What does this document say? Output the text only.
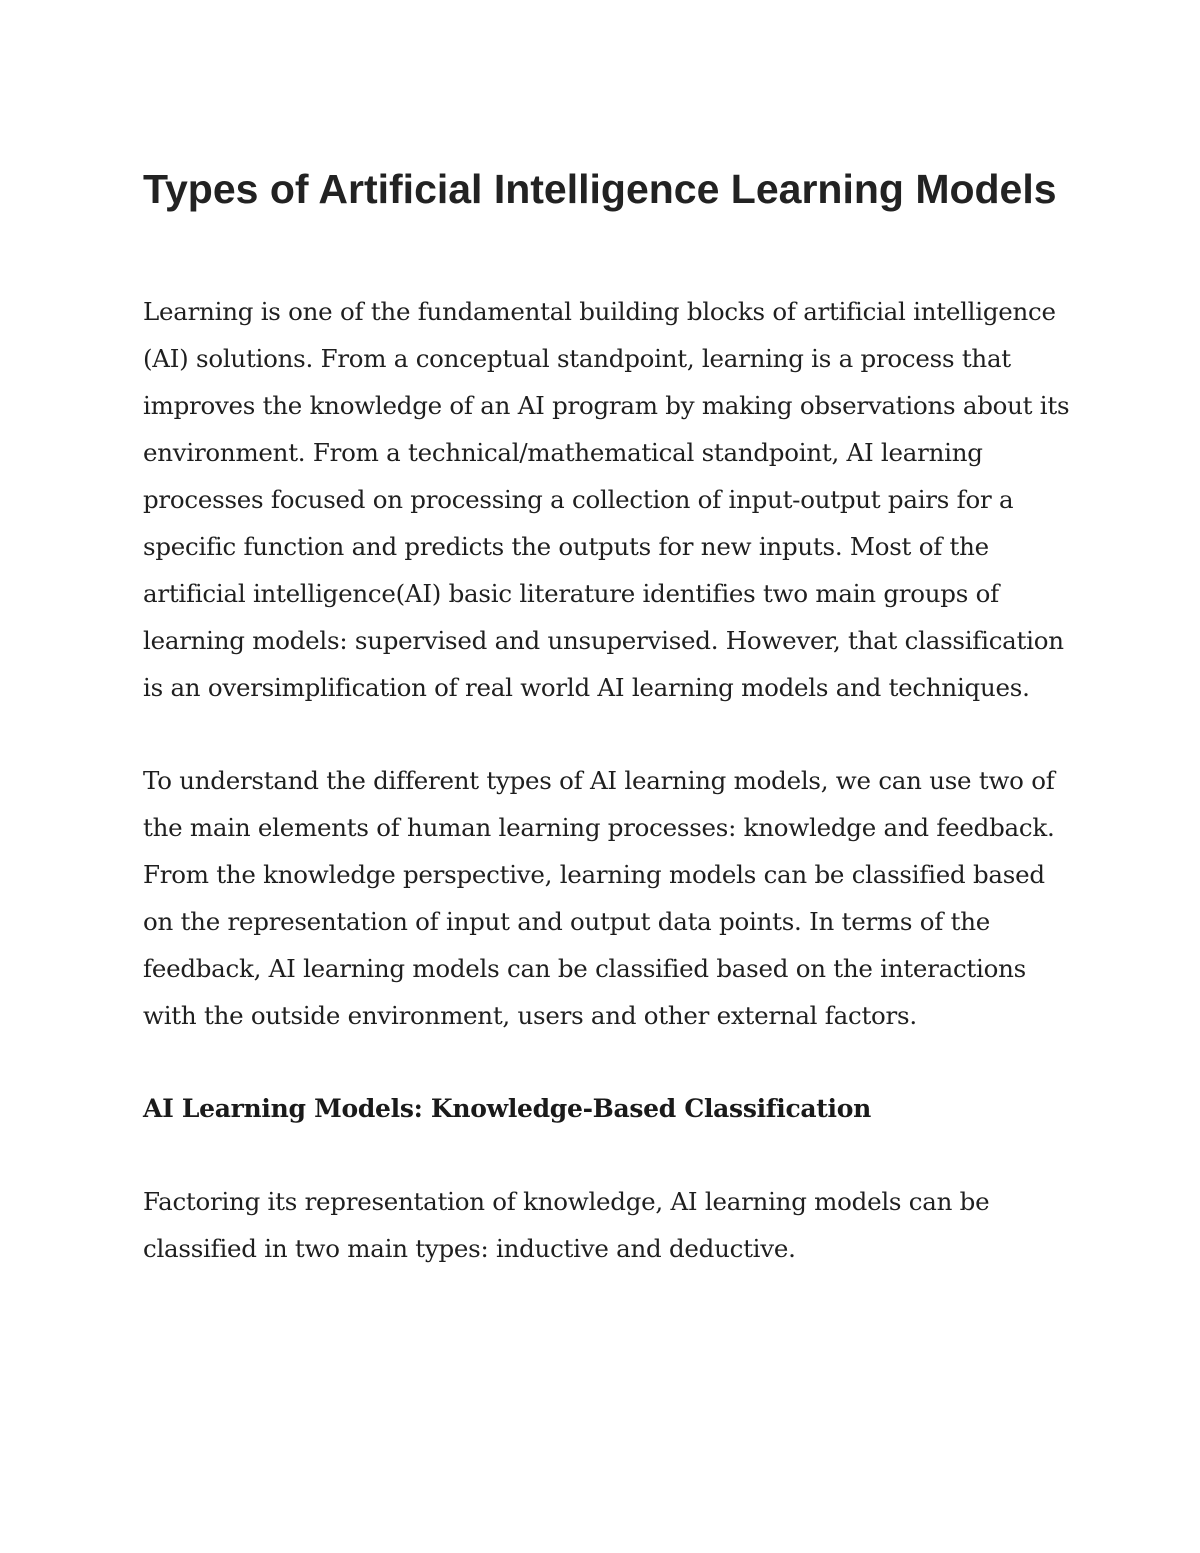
Types of Artificial Intelligence Learning Models

Learning is one of the fundamental building blocks of artificial intelligence (AI) solutions. From a conceptual standpoint, learning is a process that improves the knowledge of an AI program by making observations about its environment. From a technical/mathematical standpoint, AI learning processes focused on processing a collection of input-output pairs for a specific function and predicts the outputs for new inputs. Most of the artificial intelligence(AI) basic literature identifies two main groups of learning models: supervised and unsupervised. However, that classification is an oversimplification of real world AI learning models and techniques.

To understand the different types of AI learning models, we can use two of the main elements of human learning processes: knowledge and feedback. From the knowledge perspective, learning models can be classified based on the representation of input and output data points. In terms of the feedback, AI learning models can be classified based on the interactions with the outside environment, users and other external factors.

AI Learning Models: Knowledge-Based Classification

Factoring its representation of knowledge, AI learning models can be classified in two main types: inductive and deductive.
